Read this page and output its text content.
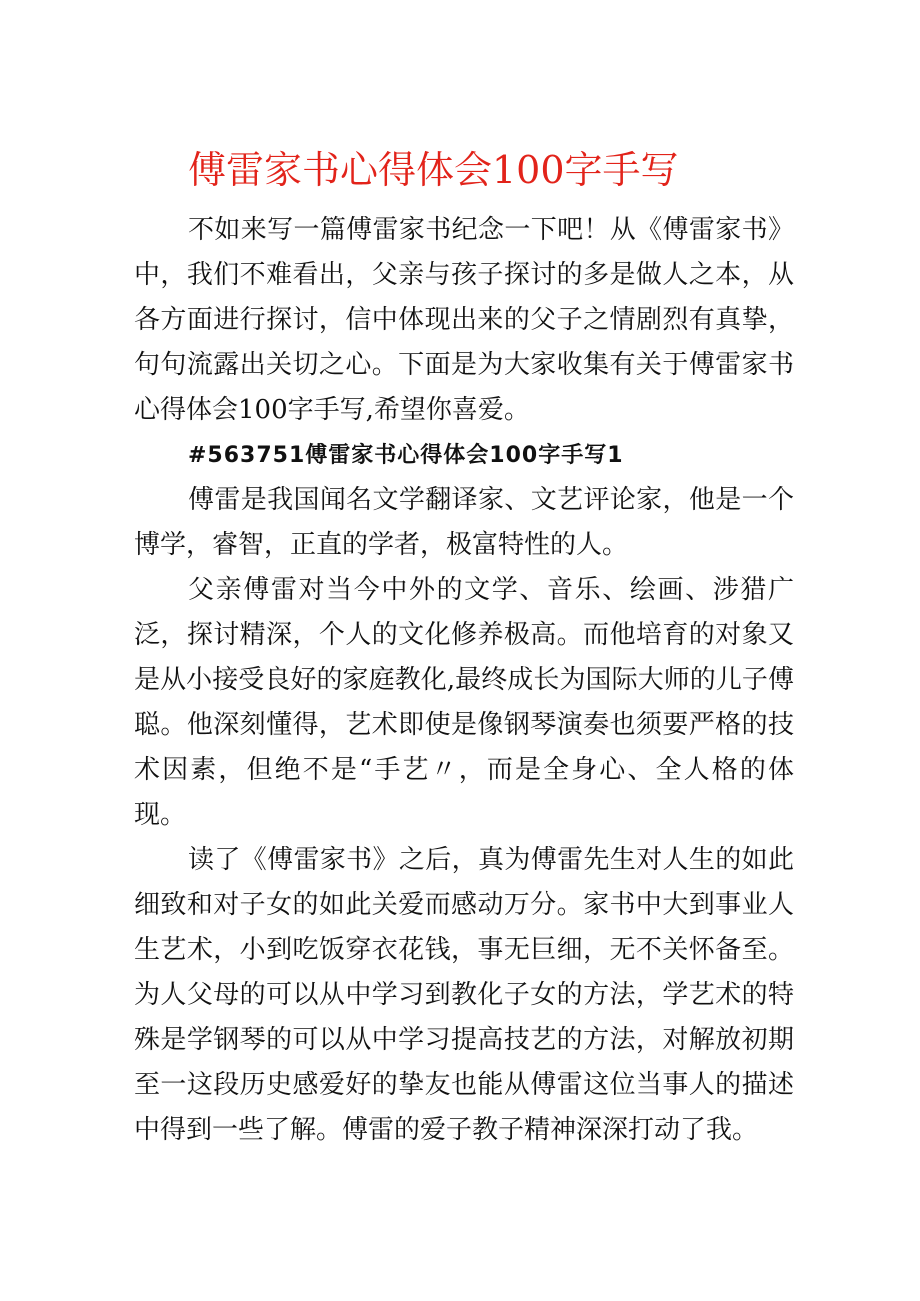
傅雷家书心得体会100字手写

不如来写一篇傅雷家书纪念一下吧！从《傅雷家书》中，我们不难看出，父亲与孩子探讨的多是做人之本，从各方面进行探讨，信中体现出来的父子之情剧烈有真挚，句句流露出关切之心。下面是为大家收集有关于傅雷家书心得体会100字手写,希望你喜爱。

#563751傅雷家书心得体会100字手写1

傅雷是我国闻名文学翻译家、文艺评论家，他是一个博学，睿智，正直的学者，极富特性的人。

父亲傅雷对当今中外的文学、音乐、绘画、涉猎广泛，探讨精深，个人的文化修养极高。而他培育的对象又是从小接受良好的家庭教化,最终成长为国际大师的儿子傅聪。他深刻懂得，艺术即使是像钢琴演奏也须要严格的技术因素，但绝不是“手艺〃，而是全身心、全人格的体现。

读了《傅雷家书》之后，真为傅雷先生对人生的如此细致和对子女的如此关爱而感动万分。家书中大到事业人生艺术，小到吃饭穿衣花钱，事无巨细，无不关怀备至。为人父母的可以从中学习到教化子女的方法，学艺术的特殊是学钢琴的可以从中学习提高技艺的方法，对解放初期至一这段历史感爱好的挚友也能从傅雷这位当事人的描述中得到一些了解。傅雷的爱子教子精神深深打动了我。
